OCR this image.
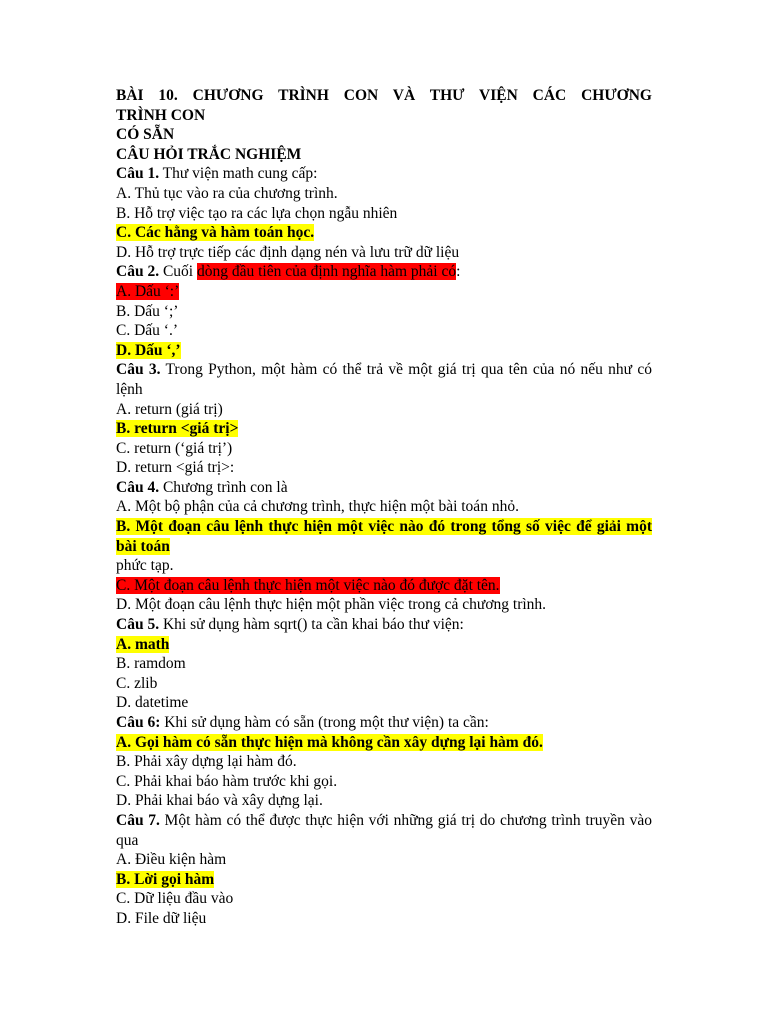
BÀI 10. CHƯƠNG TRÌNH CON VÀ THƯ VIỆN CÁC CHƯƠNG
TRÌNH CON
CÓ SẴN
CÂU HỎI TRẮC NGHIỆM
Câu 1. Thư viện math cung cấp:
A. Thủ tục vào ra của chương trình.
B. Hỗ trợ việc tạo ra các lựa chọn ngẫu nhiên
C. Các hằng và hàm toán học.
D. Hỗ trợ trực tiếp các định dạng nén và lưu trữ dữ liệu
Câu 2. Cuối dòng đầu tiên của định nghĩa hàm phải có:
A. Dấu ‘:’
B. Dấu ‘;’
C. Dấu ‘.’
D. Dấu ‘,’
Câu 3. Trong Python, một hàm có thể trả về một giá trị qua tên của nó nếu như có lệnh
A. return (giá trị)
B. return <giá trị>
C. return (‘giá trị’)
D. return <giá trị>:
Câu 4. Chương trình con là
A. Một bộ phận của cả chương trình, thực hiện một bài toán nhỏ.
B. Một đoạn câu lệnh thực hiện một việc nào đó trong tổng số việc để giải một bài toán
phức tạp.
C. Một đoạn câu lệnh thực hiện một việc nào đó được đặt tên.
D. Một đoạn câu lệnh thực hiện một phần việc trong cả chương trình.
Câu 5. Khi sử dụng hàm sqrt() ta cần khai báo thư viện:
A. math
B. ramdom
C. zlib
D. datetime
Câu 6: Khi sử dụng hàm có sẵn (trong một thư viện) ta cần:
A. Gọi hàm có sẵn thực hiện mà không cần xây dựng lại hàm đó.
B. Phải xây dựng lại hàm đó.
C. Phải khai báo hàm trước khi gọi.
D. Phải khai báo và xây dựng lại.
Câu 7. Một hàm có thể được thực hiện với những giá trị do chương trình truyền vào qua
A. Điều kiện hàm
B. Lời gọi hàm
C. Dữ liệu đầu vào
D. File dữ liệu
